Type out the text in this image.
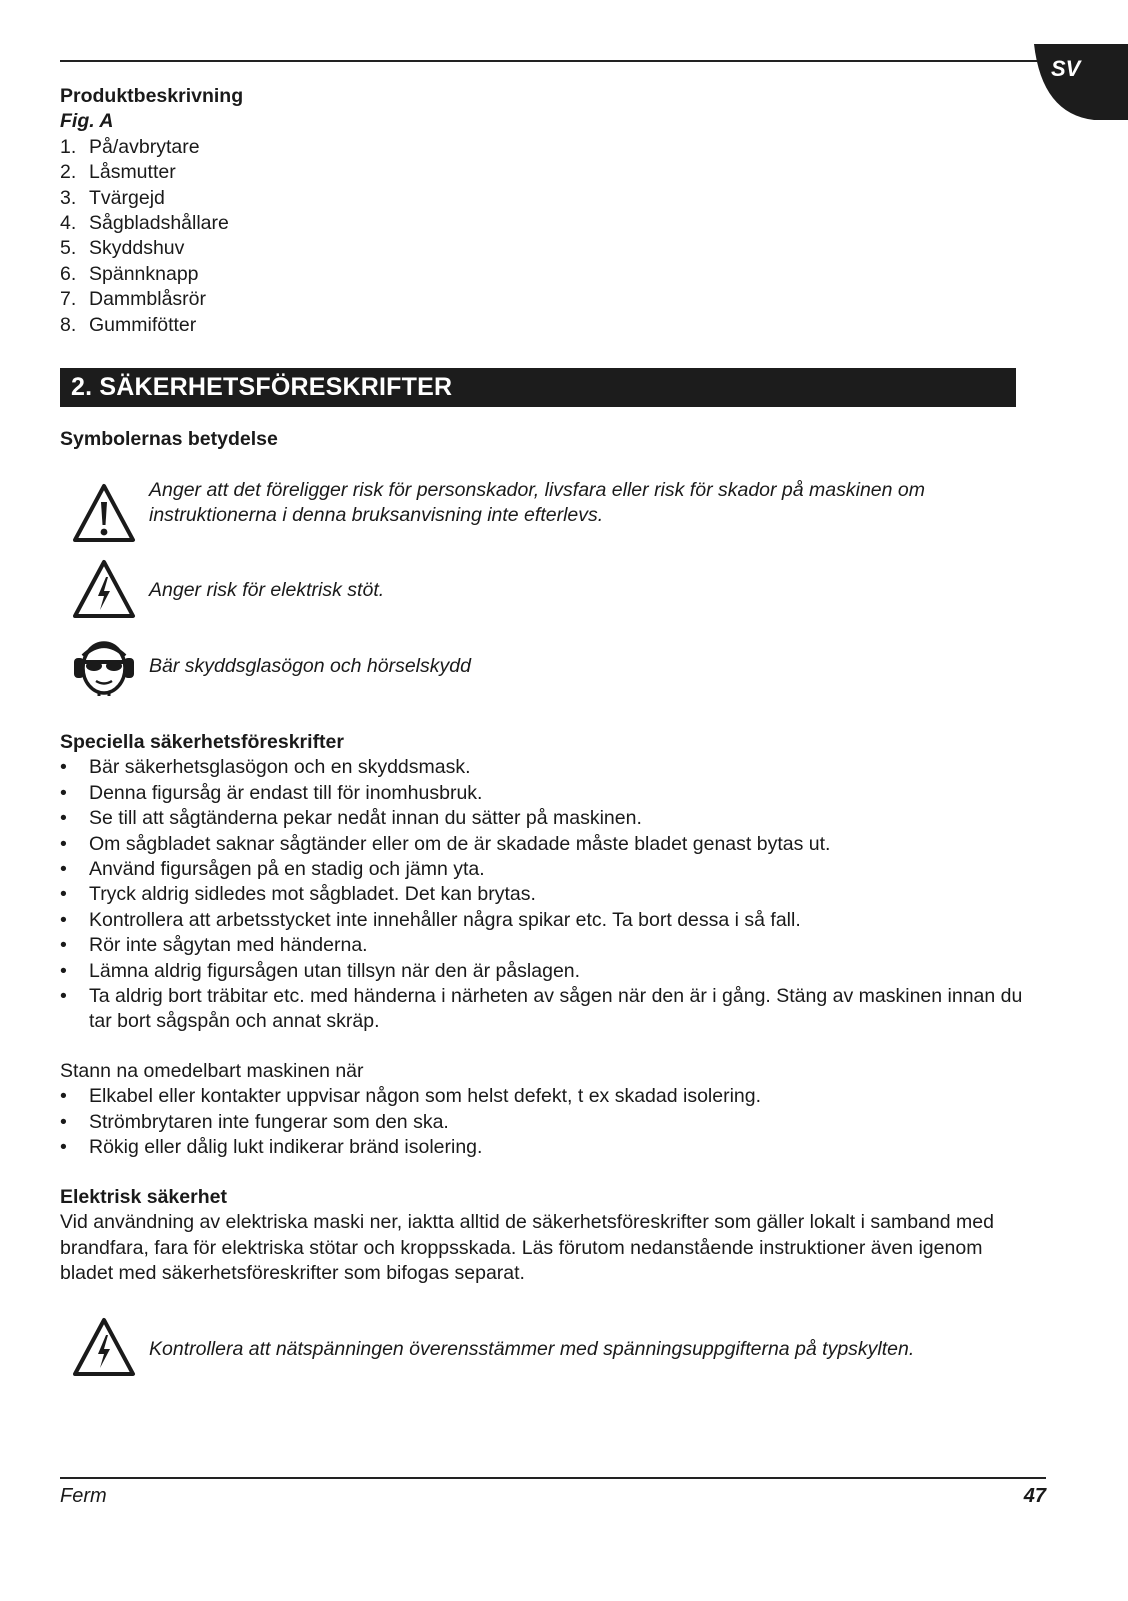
SV
Produktbeskrivning
Fig. A
1. På/avbrytare
2. Låsmutter
3. Tvärgejd
4. Sågbladshållare
5. Skyddshuv
6. Spännknapp
7. Dammblåsrör
8. Gummifötter
2. SÄKERHETSFÖRESKRIFTER
Symbolernas betydelse
Anger att det föreligger risk för personskador, livsfara eller risk för skador på maskinen om instruktionerna i denna bruksanvisning inte efterlevs.
Anger risk för elektrisk stöt.
Bär skyddsglasögon och hörselskydd
Speciella säkerhetsföreskrifter
• Bär säkerhetsglasögon och en skyddsmask.
• Denna figursåg är endast till för inomhusbruk.
• Se till att sågtänderna pekar nedåt innan du sätter på maskinen.
• Om sågbladet saknar sågtänder eller om de är skadade måste bladet genast bytas ut.
• Använd figursågen på en stadig och jämn yta.
• Tryck aldrig sidledes mot sågbladet. Det kan brytas.
• Kontrollera att arbetsstycket inte innehåller några spikar etc. Ta bort dessa i så fall.
• Rör inte sågytan med händerna.
• Lämna aldrig figursågen utan tillsyn när den är påslagen.
• Ta aldrig bort träbitar etc. med händerna i närheten av sågen när den är i gång. Stäng av maskinen innan du tar bort sågspån och annat skräp.
Stann na omedelbart maskinen när
• Elkabel eller kontakter uppvisar någon som helst defekt, t ex skadad isolering.
• Strömbrytaren inte fungerar som den ska.
• Rökig eller dålig lukt indikerar bränd isolering.
Elektrisk säkerhet
Vid användning av elektriska maski ner, iaktta alltid de säkerhetsföreskrifter som gäller lokalt i samband med brandfara, fara för elektriska stötar och kroppsskada. Läs förutom nedanstående instruktioner även igenom bladet med säkerhetsföreskrifter som bifogas separat.
Kontrollera att nätspänningen överensstämmer med spänningsuppgifterna på typskylten.
Ferm	47
